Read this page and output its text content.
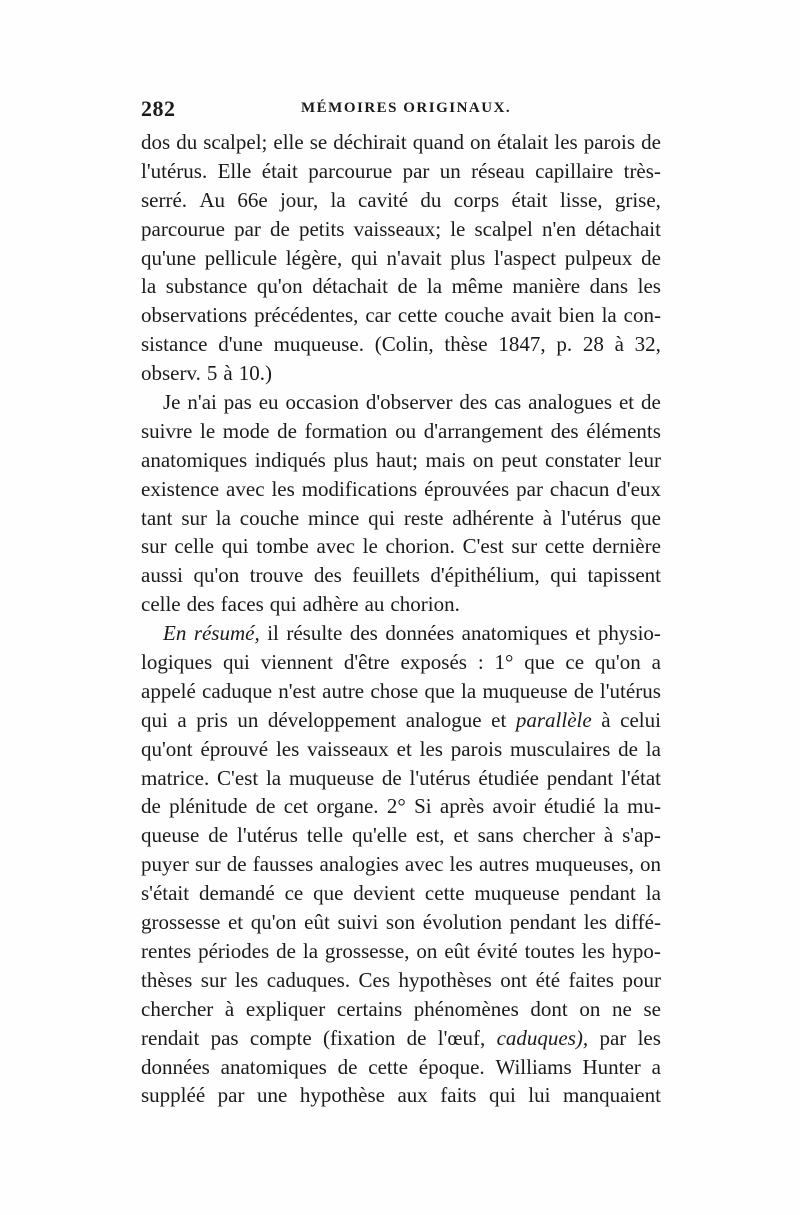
282	MÉMOIRES ORIGINAUX.
dos du scalpel; elle se déchirait quand on étalait les parois de
l'utérus. Elle était parcourue par un réseau capillaire très-
serré. Au 66e jour, la cavité du corps était lisse, grise,
parcourue par de petits vaisseaux; le scalpel n'en détachait
qu'une pellicule légère, qui n'avait plus l'aspect pulpeux de
la substance qu'on détachait de la même manière dans les
observations précédentes, car cette couche avait bien la con-
sistance d'une muqueuse. (Colin, thèse 1847, p. 28 à 32,
observ. 5 à 10.)
Je n'ai pas eu occasion d'observer des cas analogues et de
suivre le mode de formation ou d'arrangement des éléments
anatomiques indiqués plus haut; mais on peut constater leur
existence avec les modifications éprouvées par chacun d'eux
tant sur la couche mince qui reste adhérente à l'utérus que
sur celle qui tombe avec le chorion. C'est sur cette dernière
aussi qu'on trouve des feuillets d'épithélium, qui tapissent
celle des faces qui adhère au chorion.
En résumé, il résulte des données anatomiques et physio-
logiques qui viennent d'être exposés : 1° que ce qu'on a
appelé caduque n'est autre chose que la muqueuse de l'utérus
qui a pris un développement analogue et parallèle à celui
qu'ont éprouvé les vaisseaux et les parois musculaires de la
matrice. C'est la muqueuse de l'utérus étudiée pendant l'état
de plénitude de cet organe. 2° Si après avoir étudié la mu-
queuse de l'utérus telle qu'elle est, et sans chercher à s'ap-
puyer sur de fausses analogies avec les autres muqueuses, on
s'était demandé ce que devient cette muqueuse pendant la
grossesse et qu'on eût suivi son évolution pendant les diffé-
rentes périodes de la grossesse, on eût évité toutes les hypo-
thèses sur les caduques. Ces hypothèses ont été faites pour
chercher à expliquer certains phénomènes dont on ne se
rendait pas compte (fixation de l'œuf, caduques), par les
données anatomiques de cette époque. Williams Hunter a
suppléé par une hypothèse aux faits qui lui manquaient
